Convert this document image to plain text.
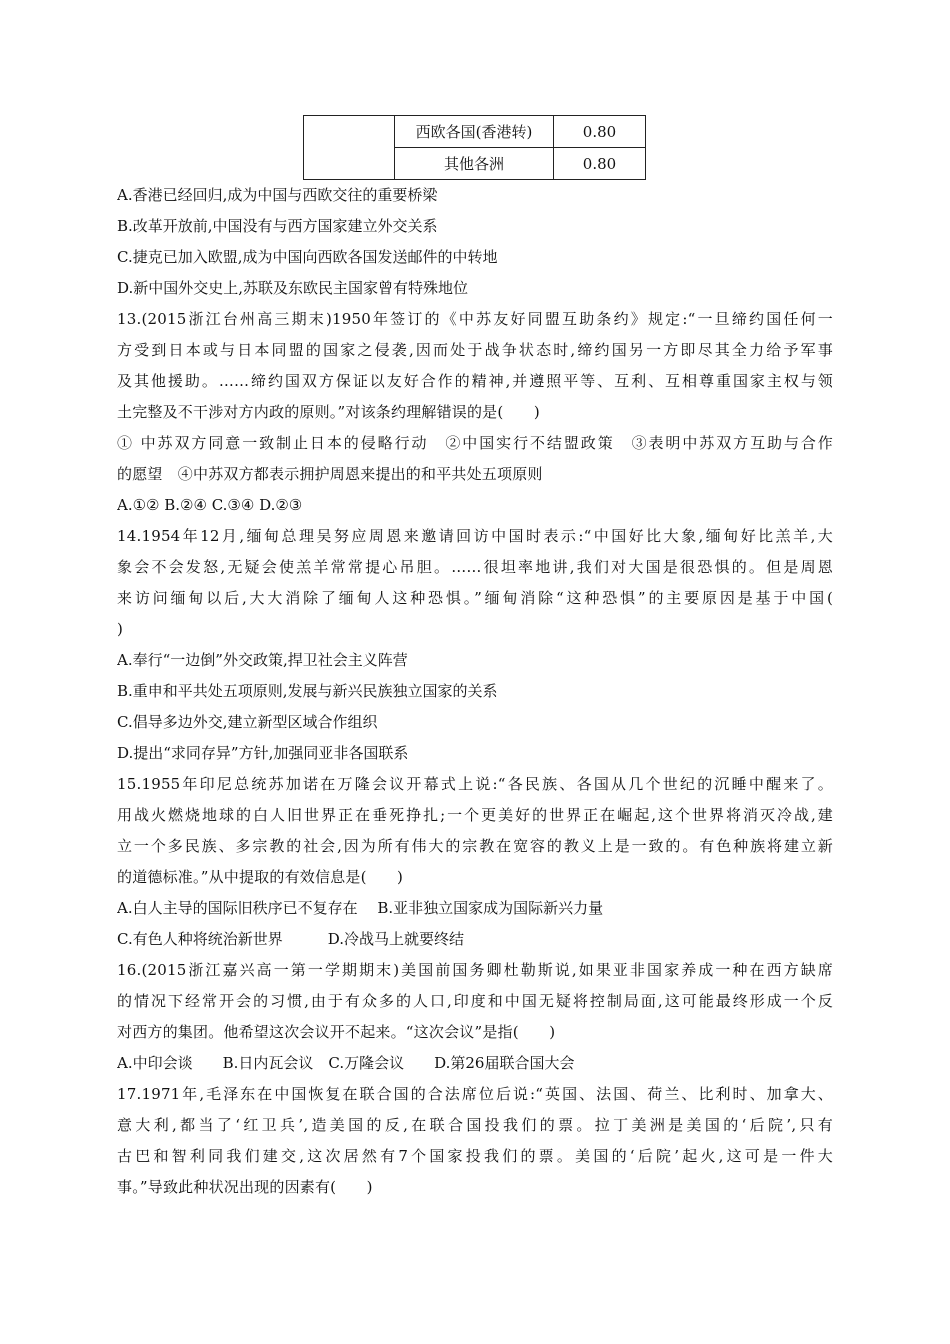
	西欧各国(香港转)	0.80
	其他各洲	0.80
A.香港已经回归,成为中国与西欧交往的重要桥梁
B.改革开放前,中国没有与西方国家建立外交关系
C.捷克已加入欧盟,成为中国向西欧各国发送邮件的中转地
D.新中国外交史上,苏联及东欧民主国家曾有特殊地位
13.(2015浙江台州高三期末)1950年签订的《中苏友好同盟互助条约》规定:“一旦缔约国任何一
方受到日本或与日本同盟的国家之侵袭,因而处于战争状态时,缔约国另一方即尽其全力给予军事
及其他援助。……缔约国双方保证以友好合作的精神,并遵照平等、互利、互相尊重国家主权与领
土完整及不干涉对方内政的原则。”对该条约理解错误的是(　　)
① 中苏双方同意一致制止日本的侵略行动　②中国实行不结盟政策　③表明中苏双方互助与合作
的愿望　④中苏双方都表示拥护周恩来提出的和平共处五项原则
A.①② B.②④ C.③④ D.②③
14.1954年12月,缅甸总理吴努应周恩来邀请回访中国时表示:“中国好比大象,缅甸好比羔羊,大
象会不会发怒,无疑会使羔羊常常提心吊胆。……很坦率地讲,我们对大国是很恐惧的。但是周恩
来访问缅甸以后,大大消除了缅甸人这种恐惧。”缅甸消除“这种恐惧”的主要原因是基于中国(
)
A.奉行“一边倒”外交政策,捍卫社会主义阵营
B.重申和平共处五项原则,发展与新兴民族独立国家的关系
C.倡导多边外交,建立新型区域合作组织
D.提出“求同存异”方针,加强同亚非各国联系
15.1955年印尼总统苏加诺在万隆会议开幕式上说:“各民族、各国从几个世纪的沉睡中醒来了。
用战火燃烧地球的白人旧世界正在垂死挣扎;一个更美好的世界正在崛起,这个世界将消灭冷战,建
立一个多民族、多宗教的社会,因为所有伟大的宗教在宽容的教义上是一致的。有色种族将建立新
的道德标准。”从中提取的有效信息是(　　)
A.白人主导的国际旧秩序已不复存在　 B.亚非独立国家成为国际新兴力量
C.有色人种将统治新世界　　　D.冷战马上就要终结
16.(2015浙江嘉兴高一第一学期期末)美国前国务卿杜勒斯说,如果亚非国家养成一种在西方缺席
的情况下经常开会的习惯,由于有众多的人口,印度和中国无疑将控制局面,这可能最终形成一个反
对西方的集团。他希望这次会议开不起来。“这次会议”是指(　　)
A.中印会谈　　B.日内瓦会议　C.万隆会议　　D.第26届联合国大会
17.1971年,毛泽东在中国恢复在联合国的合法席位后说:“英国、法国、荷兰、比利时、加拿大、
意大利,都当了‘红卫兵’,造美国的反,在联合国投我们的票。拉丁美洲是美国的‘后院’,只有
古巴和智利同我们建交,这次居然有7个国家投我们的票。美国的‘后院’起火,这可是一件大
事。”导致此种状况出现的因素有(　　)
